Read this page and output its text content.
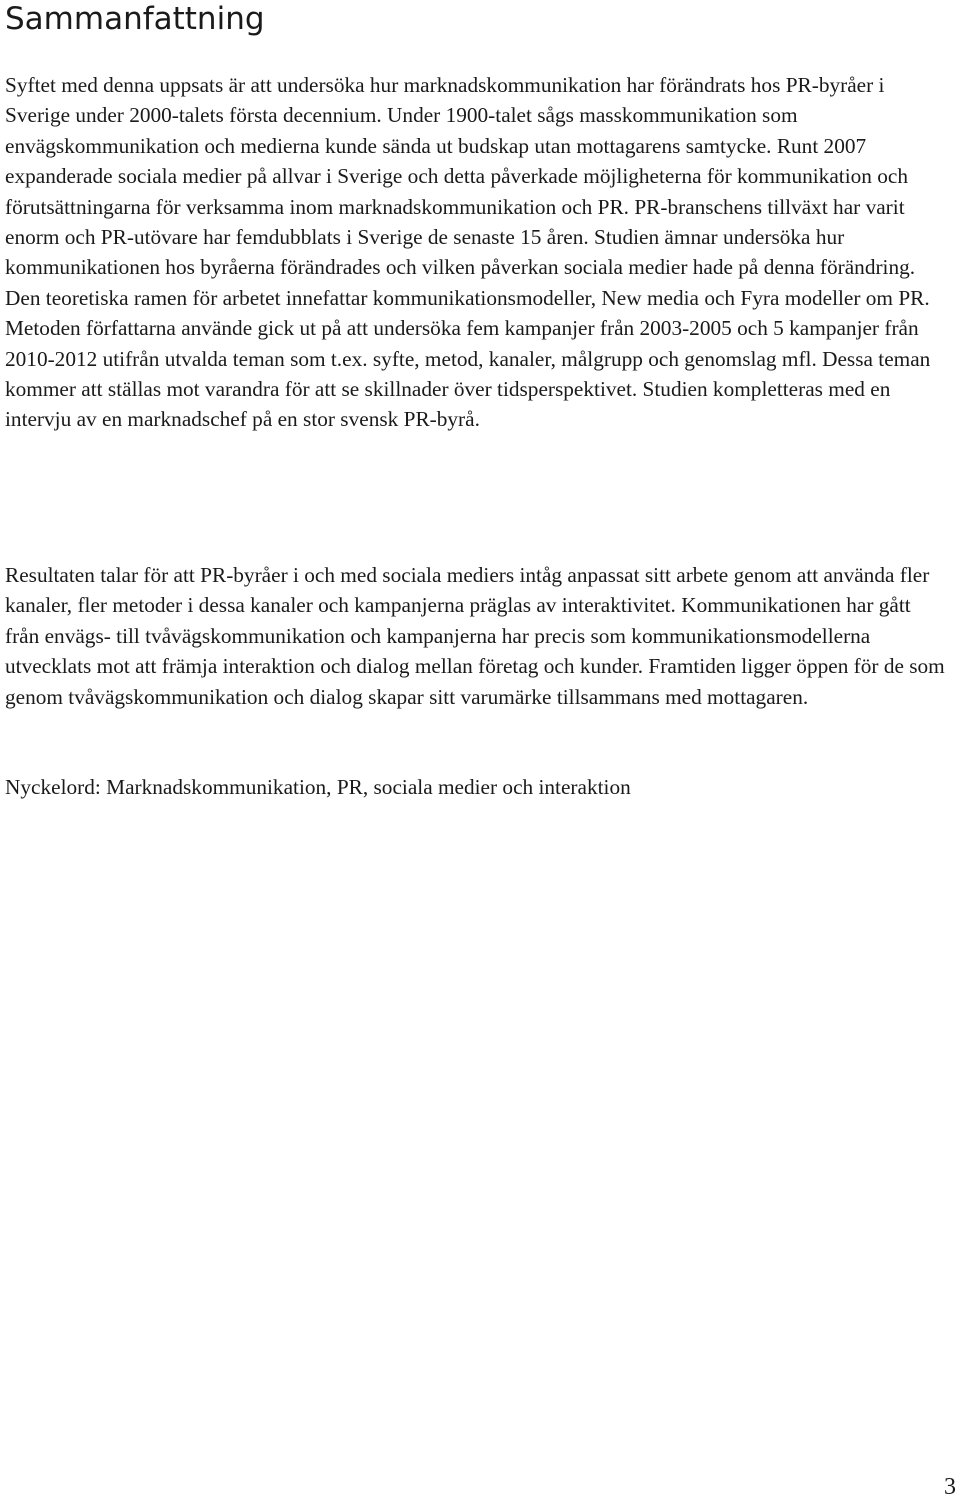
Sammanfattning

Syftet med denna uppsats är att undersöka hur marknadskommunikation har förändrats hos PR-byråer i Sverige under 2000-talets första decennium. Under 1900-talet sågs masskommunikation som envägskommunikation och medierna kunde sända ut budskap utan mottagarens samtycke. Runt 2007 expanderade sociala medier på allvar i Sverige och detta påverkade möjligheterna för kommunikation och förutsättningarna för verksamma inom marknadskommunikation och PR. PR-branschens tillväxt har varit enorm och PR-utövare har femdubblats i Sverige de senaste 15 åren. Studien ämnar undersöka hur kommunikationen hos byråerna förändrades och vilken påverkan sociala medier hade på denna förändring. Den teoretiska ramen för arbetet innefattar kommunikationsmodeller, New media och Fyra modeller om PR. Metoden författarna använde gick ut på att undersöka fem kampanjer från 2003-2005 och 5 kampanjer från 2010-2012 utifrån utvalda teman som t.ex. syfte, metod, kanaler, målgrupp och genomslag mfl. Dessa teman kommer att ställas mot varandra för att se skillnader över tidsperspektivet. Studien kompletteras med en intervju av en marknadschef på en stor svensk PR-byrå.

Resultaten talar för att PR-byråer i och med sociala mediers intåg anpassat sitt arbete genom att använda fler kanaler, fler metoder i dessa kanaler och kampanjerna präglas av interaktivitet. Kommunikationen har gått från envägs- till tvåvägskommunikation och kampanjerna har precis som kommunikationsmodellerna utvecklats mot att främja interaktion och dialog mellan företag och kunder. Framtiden ligger öppen för de som genom tvåvägskommunikation och dialog skapar sitt varumärke tillsammans med mottagaren.

Nyckelord: Marknadskommunikation, PR, sociala medier och interaktion

3
